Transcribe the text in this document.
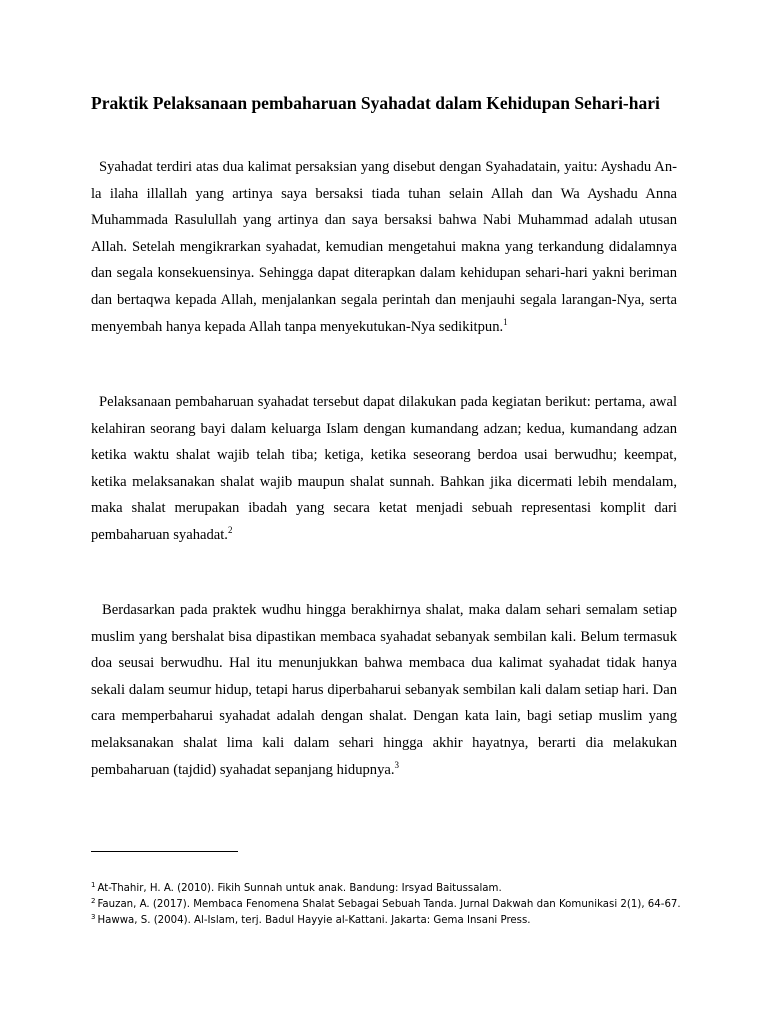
Praktik Pelaksanaan pembaharuan Syahadat dalam Kehidupan Sehari-hari

Syahadat terdiri atas dua kalimat persaksian yang disebut dengan Syahadatain, yaitu: Ayshadu An-la ilaha illallah yang artinya saya bersaksi tiada tuhan selain Allah dan Wa Ayshadu Anna Muhammada Rasulullah yang artinya dan saya bersaksi bahwa Nabi Muhammad adalah utusan Allah. Setelah mengikrarkan syahadat, kemudian mengetahui makna yang terkandung didalamnya dan segala konsekuensinya. Sehingga dapat diterapkan dalam kehidupan sehari-hari yakni beriman dan bertaqwa kepada Allah, menjalankan segala perintah dan menjauhi segala larangan-Nya, serta menyembah hanya kepada Allah tanpa menyekutukan-Nya sedikitpun.$^1$

Pelaksanaan pembaharuan syahadat tersebut dapat dilakukan pada kegiatan berikut: pertama, awal kelahiran seorang bayi dalam keluarga Islam dengan kumandang adzan; kedua, kumandang adzan ketika waktu shalat wajib telah tiba; ketiga, ketika seseorang berdoa usai berwudhu; keempat, ketika melaksanakan shalat wajib maupun shalat sunnah. Bahkan jika dicermati lebih mendalam, maka shalat merupakan ibadah yang secara ketat menjadi sebuah representasi komplit dari pembaharuan syahadat.$^2$

Berdasarkan pada praktek wudhu hingga berakhirnya shalat, maka dalam sehari semalam setiap muslim yang bershalat bisa dipastikan membaca syahadat sebanyak sembilan kali. Belum termasuk doa seusai berwudhu. Hal itu menunjukkan bahwa membaca dua kalimat syahadat tidak hanya sekali dalam seumur hidup, tetapi harus diperbaharui sebanyak sembilan kali dalam setiap hari. Dan cara memperbaharui syahadat adalah dengan shalat. Dengan kata lain, bagi setiap muslim yang melaksanakan shalat lima kali dalam sehari hingga akhir hayatnya, berarti dia melakukan pembaharuan (tajdid) syahadat sepanjang hidupnya.$^3$

$^1$ At-Thahir, H. A. (2010). Fikih Sunnah untuk anak. Bandung: Irsyad Baitussalam.
$^2$ Fauzan, A. (2017). Membaca Fenomena Shalat Sebagai Sebuah Tanda. Jurnal Dakwah dan Komunikasi 2(1), 64-67.
$^3$ Hawwa, S. (2004). Al-Islam, terj. Badul Hayyie al-Kattani. Jakarta: Gema Insani Press.
